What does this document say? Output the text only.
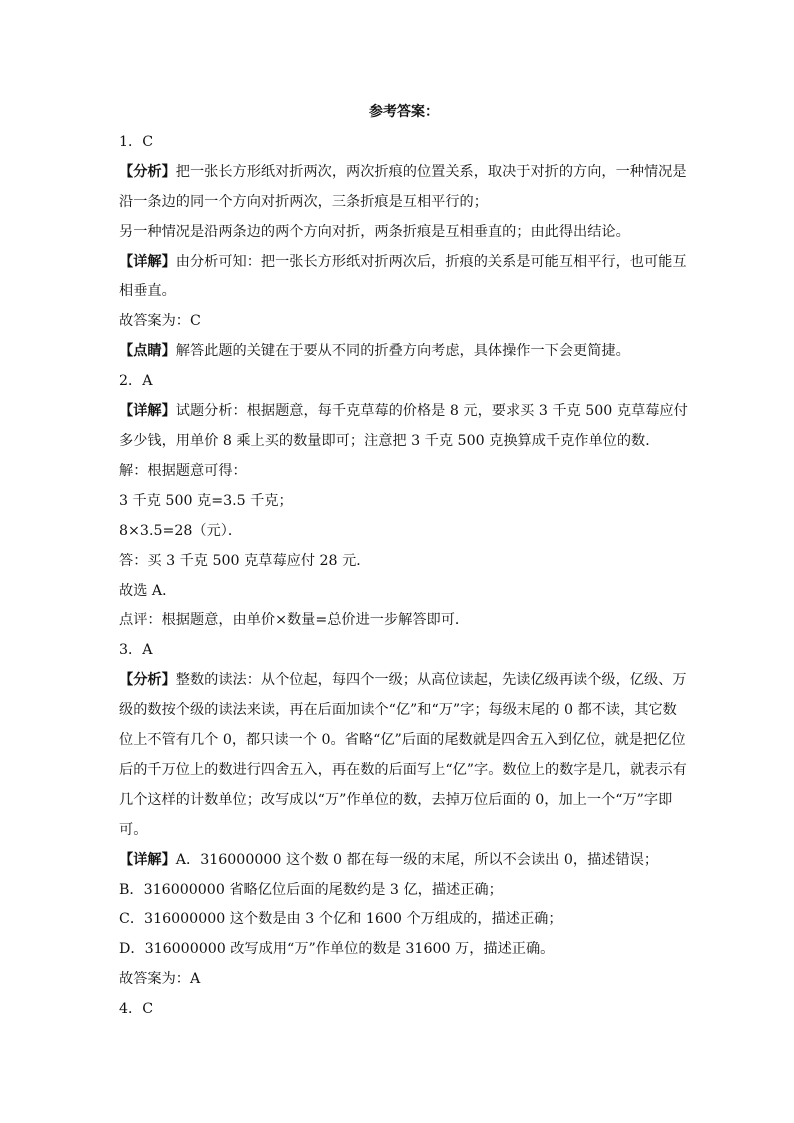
参考答案：

1．C

【分析】把一张长方形纸对折两次，两次折痕的位置关系，取决于对折的方向，一种情况是沿一条边的同一个方向对折两次，三条折痕是互相平行的；

另一种情况是沿两条边的两个方向对折，两条折痕是互相垂直的；由此得出结论。

【详解】由分析可知：把一张长方形纸对折两次后，折痕的关系是可能互相平行，也可能互相垂直。

故答案为：C

【点睛】解答此题的关键在于要从不同的折叠方向考虑，具体操作一下会更简捷。

2．A

【详解】试题分析：根据题意，每千克草莓的价格是 8 元，要求买 3 千克 500 克草莓应付多少钱，用单价 8 乘上买的数量即可；注意把 3 千克 500 克换算成千克作单位的数．

解：根据题意可得：

3 千克 500 克=3.5 千克；

8×3.5=28（元）．

答：买 3 千克 500 克草莓应付 28 元．

故选 A．

点评：根据题意，由单价×数量=总价进一步解答即可．

3．A

【分析】整数的读法：从个位起，每四个一级；从高位读起，先读亿级再读个级，亿级、万级的数按个级的读法来读，再在后面加读个“亿”和“万”字；每级末尾的 0 都不读，其它数位上不管有几个 0，都只读一个 0。省略“亿”后面的尾数就是四舍五入到亿位，就是把亿位后的千万位上的数进行四舍五入，再在数的后面写上“亿”字。数位上的数字是几，就表示有几个这样的计数单位；改写成以“万”作单位的数，去掉万位后面的 0，加上一个“万”字即可。

【详解】A．316000000 这个数 0 都在每一级的末尾，所以不会读出 0，描述错误；

B．316000000 省略亿位后面的尾数约是 3 亿，描述正确；

C．316000000 这个数是由 3 个亿和 1600 个万组成的，描述正确；

D．316000000 改写成用“万”作单位的数是 31600 万，描述正确。

故答案为：A

4．C
